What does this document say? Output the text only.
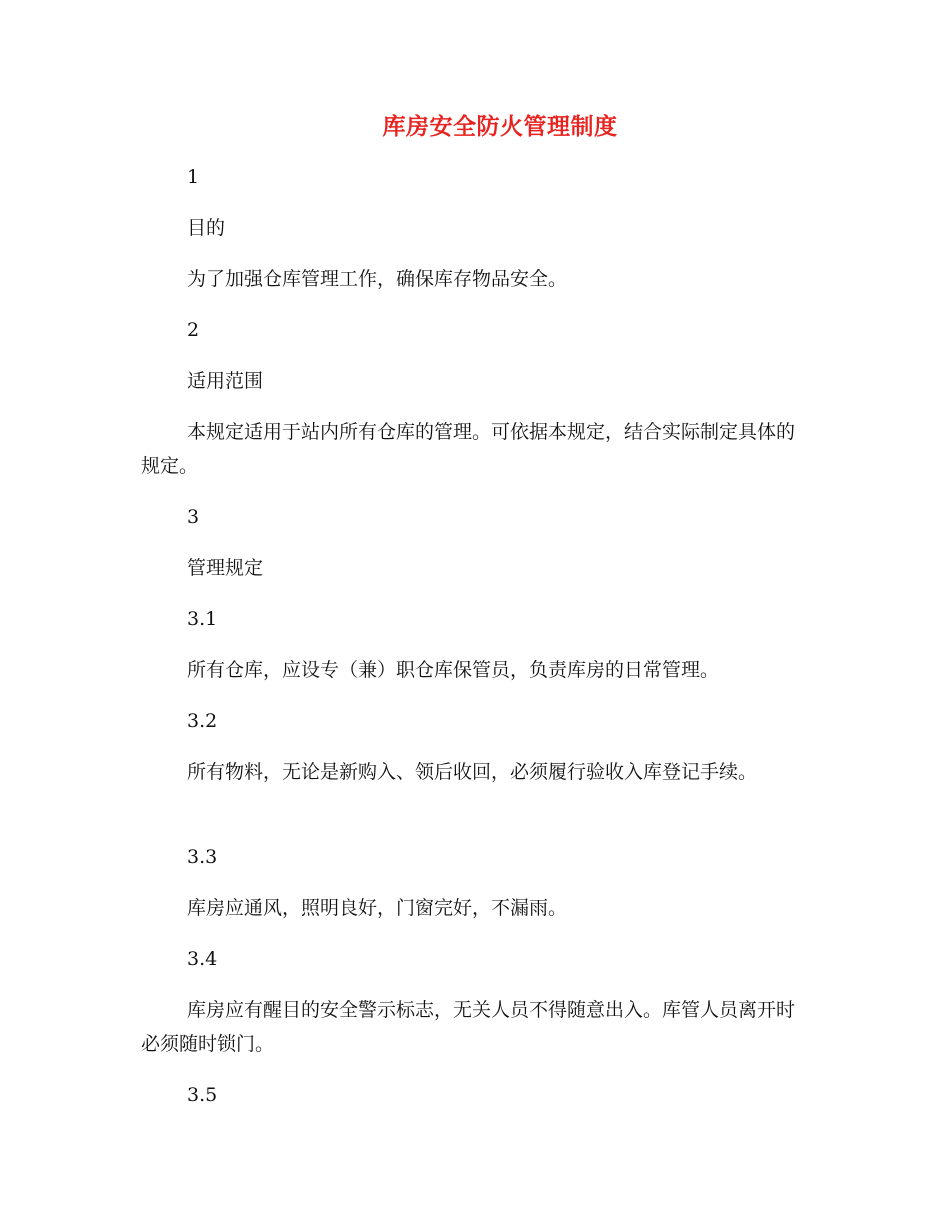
库房安全防火管理制度
1
目的
为了加强仓库管理工作，确保库存物品安全。
2
适用范围
本规定适用于站内所有仓库的管理。可依据本规定，结合实际制定具体的规定。
3
管理规定
3.1
所有仓库，应设专（兼）职仓库保管员，负责库房的日常管理。
3.2
所有物料，无论是新购入、领后收回，必须履行验收入库登记手续。
3.3
库房应通风，照明良好，门窗完好，不漏雨。
3.4
库房应有醒目的安全警示标志，无关人员不得随意出入。库管人员离开时必须随时锁门。
3.5
